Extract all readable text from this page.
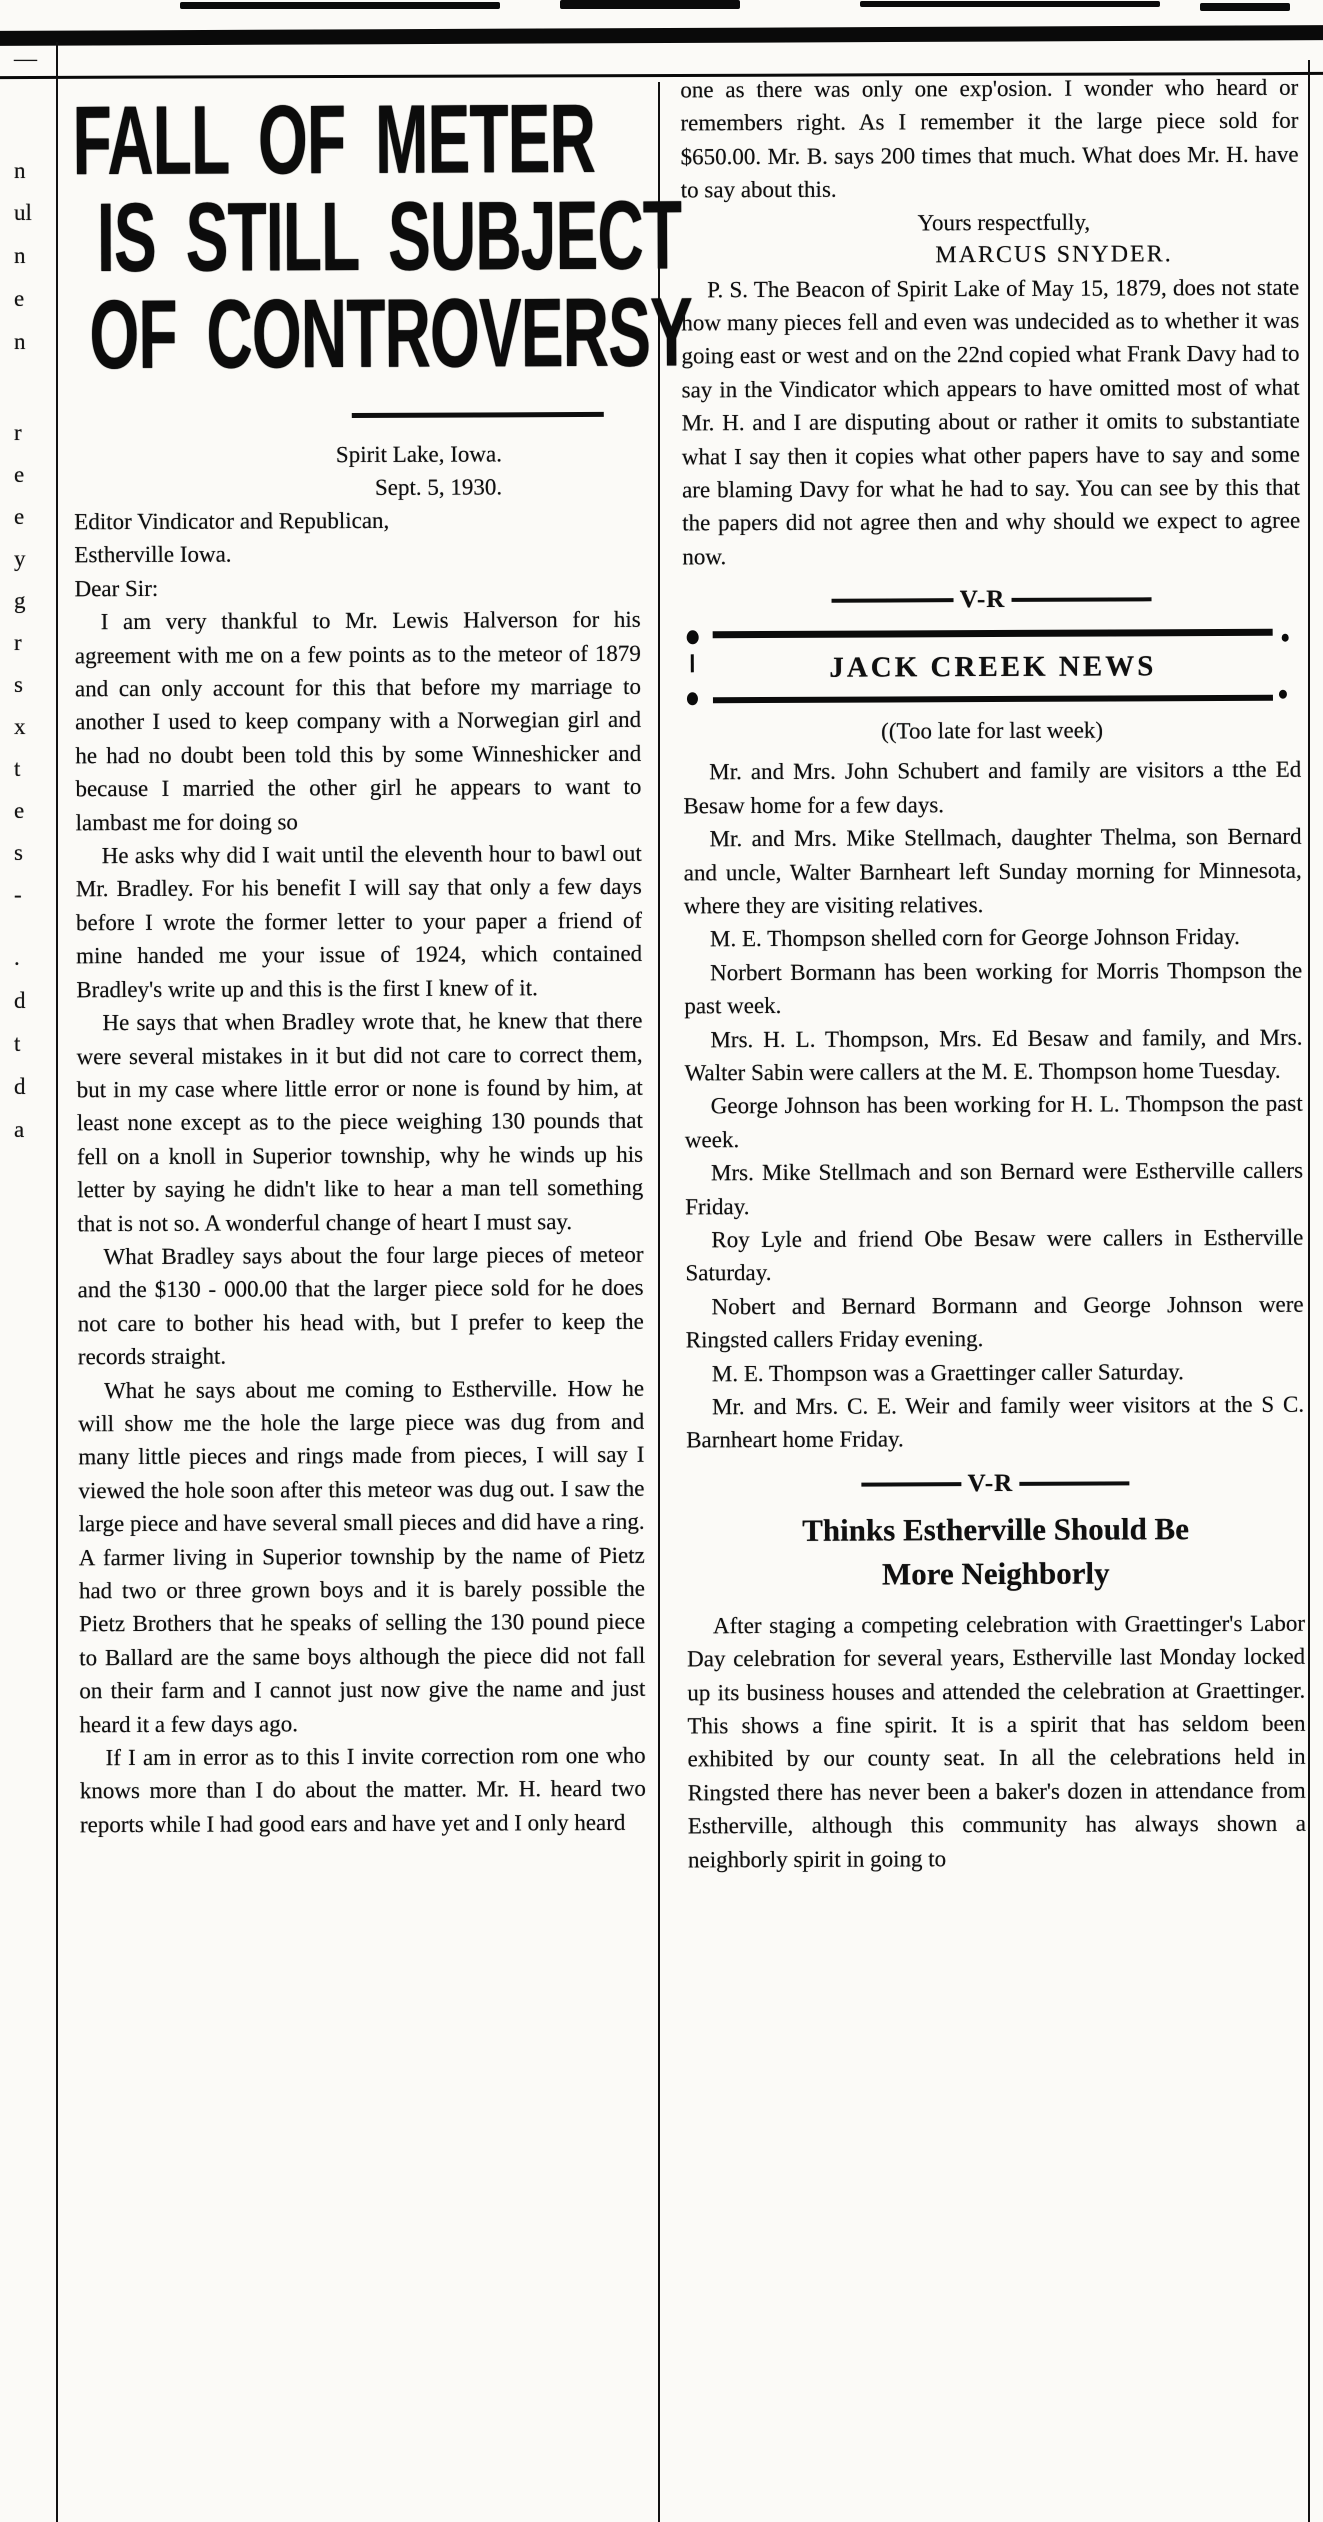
—
n
ul
n
e
n
r
e
e
y
g
r
s
x
t
e
s
-
.
d
t
d
a
FALL OF METER
IS STILL SUBJECT
OF CONTROVERSY
Spirit Lake, Iowa.
Sept. 5, 1930.

Editor Vindicator and Republican,

Estherville Iowa.

Dear Sir:

I am very thankful to Mr. Lewis Halverson for his agreement with me on a few points as to the meteor of 1879 and can only account for this that before my marriage to another I used to keep company with a Norwegian girl and he had no doubt been told this by some Winneshicker and because I married the other girl he appears to want to lambast me for doing so

He asks why did I wait until the eleventh hour to bawl out Mr. Bradley. For his benefit I will say that only a few days before I wrote the former letter to your paper a friend of mine handed me your issue of 1924, which contained Bradley's write up and this is the first I knew of it.

He says that when Bradley wrote that, he knew that there were several mistakes in it but did not care to correct them, but in my case where little error or none is found by him, at least none except as to the piece weighing 130 pounds that fell on a knoll in Superior township, why he winds up his letter by saying he didn't like to hear a man tell something that is not so. A wonderful change of heart I must say.

What Bradley says about the four large pieces of meteor and the $130 - 000.00 that the larger piece sold for he does not care to bother his head with, but I prefer to keep the records straight.

What he says about me coming to Estherville. How he will show me the hole the large piece was dug from and many little pieces and rings made from pieces, I will say I viewed the hole soon after this meteor was dug out. I saw the large piece and have several small pieces and did have a ring. A farmer living in Superior township by the name of Pietz had two or three grown boys and it is barely possible the Pietz Brothers that he speaks of selling the 130 pound piece to Ballard are the same boys although the piece did not fall on their farm and I cannot just now give the name and just heard it a few days ago.

If I am in error as to this I invite correction rom one who knows more than I do about the matter. Mr. H. heard two reports while I had good ears and have yet and I only heard

one as there was only one exp'osion. I wonder who heard or remembers right. As I remember it the large piece sold for $650.00. Mr. B. says 200 times that much. What does Mr. H. have to say about this.

Yours respectfully,
MARCUS SNYDER.

P. S. The Beacon of Spirit Lake of May 15, 1879, does not state how many pieces fell and even was undecided as to whether it was going east or west and on the 22nd copied what Frank Davy had to say in the Vindicator which appears to have omitted most of what Mr. H. and I are disputing about or rather it omits to substantiate what I say then it copies what other papers have to say and some are blaming Davy for what he had to say. You can see by this that the papers did not agree then and why should we expect to agree now.

V-R
JACK CREEK NEWS
((Too late for last week)

Mr. and Mrs. John Schubert and family are visitors a tthe Ed Besaw home for a few days.

Mr. and Mrs. Mike Stellmach, daughter Thelma, son Bernard and uncle, Walter Barnheart left Sunday morning for Minnesota, where they are visiting relatives.

M. E. Thompson shelled corn for George Johnson Friday.

Norbert Bormann has been working for Morris Thompson the past week.

Mrs. H. L. Thompson, Mrs. Ed Besaw and family, and Mrs. Walter Sabin were callers at the M. E. Thompson home Tuesday.

George Johnson has been working for H. L. Thompson the past week.

Mrs. Mike Stellmach and son Bernard were Estherville callers Friday.

Roy Lyle and friend Obe Besaw were callers in Estherville Saturday.

Nobert and Bernard Bormann and George Johnson were Ringsted callers Friday evening.

M. E. Thompson was a Graettinger caller Saturday.

Mr. and Mrs. C. E. Weir and family weer visitors at the S C. Barnheart home Friday.

V-R
Thinks Estherville Should Be
More Neighborly

After staging a competing celebration with Graettinger's Labor Day celebration for several years, Estherville last Monday locked up its business houses and attended the celebration at Graettinger. This shows a fine spirit. It is a spirit that has seldom been exhibited by our county seat. In all the celebrations held in Ringsted there has never been a baker's dozen in attendance from Estherville, although this community has always shown a neighborly spirit in going to
